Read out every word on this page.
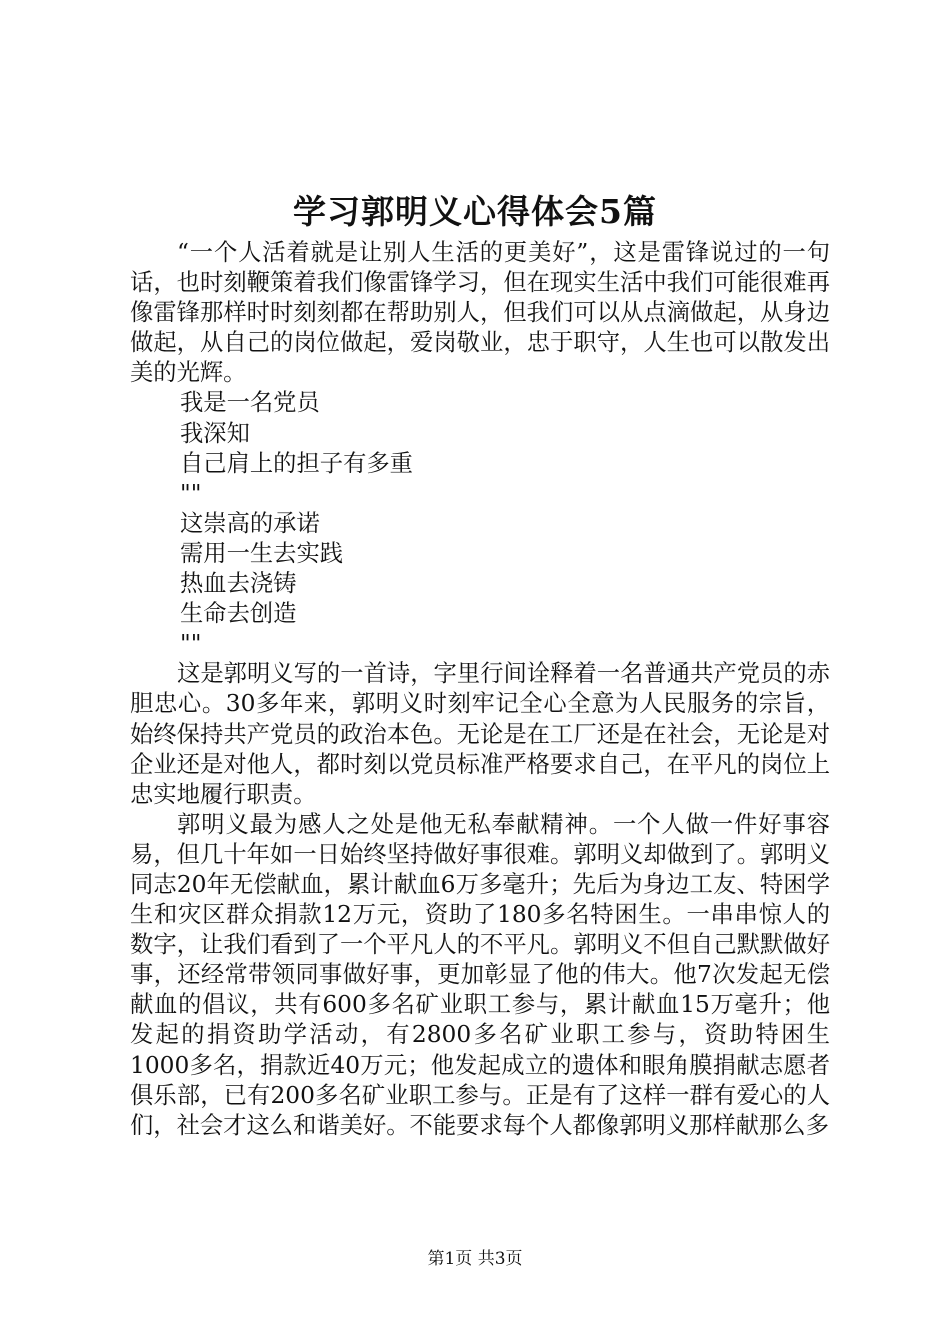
学习郭明义心得体会5篇

“一个人活着就是让别人生活的更美好”，这是雷锋说过的一句话，也时刻鞭策着我们像雷锋学习，但在现实生活中我们可能很难再像雷锋那样时时刻刻都在帮助别人，但我们可以从点滴做起，从身边做起，从自己的岗位做起，爱岗敬业，忠于职守，人生也可以散发出美的光辉。

我是一名党员
我深知
自己肩上的担子有多重
""
这崇高的承诺
需用一生去实践
热血去浇铸
生命去创造
""

这是郭明义写的一首诗，字里行间诠释着一名普通共产党员的赤胆忠心。30多年来，郭明义时刻牢记全心全意为人民服务的宗旨，始终保持共产党员的政治本色。无论是在工厂还是在社会，无论是对企业还是对他人，都时刻以党员标准严格要求自己，在平凡的岗位上忠实地履行职责。

郭明义最为感人之处是他无私奉献精神。一个人做一件好事容易，但几十年如一日始终坚持做好事很难。郭明义却做到了。郭明义同志20年无偿献血，累计献血6万多毫升；先后为身边工友、特困学生和灾区群众捐款12万元，资助了180多名特困生。一串串惊人的数字，让我们看到了一个平凡人的不平凡。郭明义不但自己默默做好事，还经常带领同事做好事，更加彰显了他的伟大。他7次发起无偿献血的倡议，共有600多名矿业职工参与，累计献血15万毫升；他发起的捐资助学活动，有2800多名矿业职工参与，资助特困生1000多名，捐款近40万元；他发起成立的遗体和眼角膜捐献志愿者俱乐部，已有200多名矿业职工参与。正是有了这样一群有爱心的人们，社会才这么和谐美好。不能要求每个人都像郭明义那样献那么多

第1页 共3页
